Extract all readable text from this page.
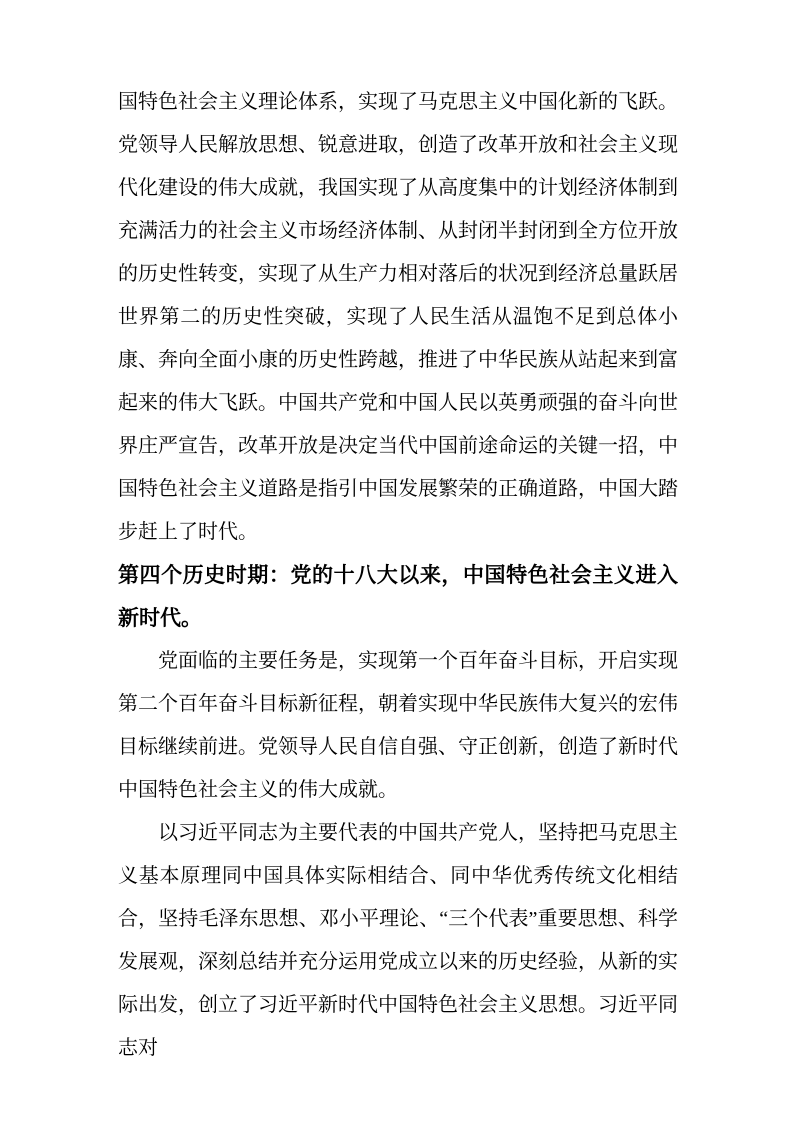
国特色社会主义理论体系，实现了马克思主义中国化新的飞跃。党领导人民解放思想、锐意进取，创造了改革开放和社会主义现代化建设的伟大成就，我国实现了从高度集中的计划经济体制到充满活力的社会主义市场经济体制、从封闭半封闭到全方位开放的历史性转变，实现了从生产力相对落后的状况到经济总量跃居世界第二的历史性突破，实现了人民生活从温饱不足到总体小康、奔向全面小康的历史性跨越，推进了中华民族从站起来到富起来的伟大飞跃。中国共产党和中国人民以英勇顽强的奋斗向世界庄严宣告，改革开放是决定当代中国前途命运的关键一招，中国特色社会主义道路是指引中国发展繁荣的正确道路，中国大踏步赶上了时代。

第四个历史时期：党的十八大以来，中国特色社会主义进入新时代。

党面临的主要任务是，实现第一个百年奋斗目标，开启实现第二个百年奋斗目标新征程，朝着实现中华民族伟大复兴的宏伟目标继续前进。党领导人民自信自强、守正创新，创造了新时代中国特色社会主义的伟大成就。

以习近平同志为主要代表的中国共产党人，坚持把马克思主义基本原理同中国具体实际相结合、同中华优秀传统文化相结合，坚持毛泽东思想、邓小平理论、“三个代表”重要思想、科学发展观，深刻总结并充分运用党成立以来的历史经验，从新的实际出发，创立了习近平新时代中国特色社会主义思想。习近平同志对
